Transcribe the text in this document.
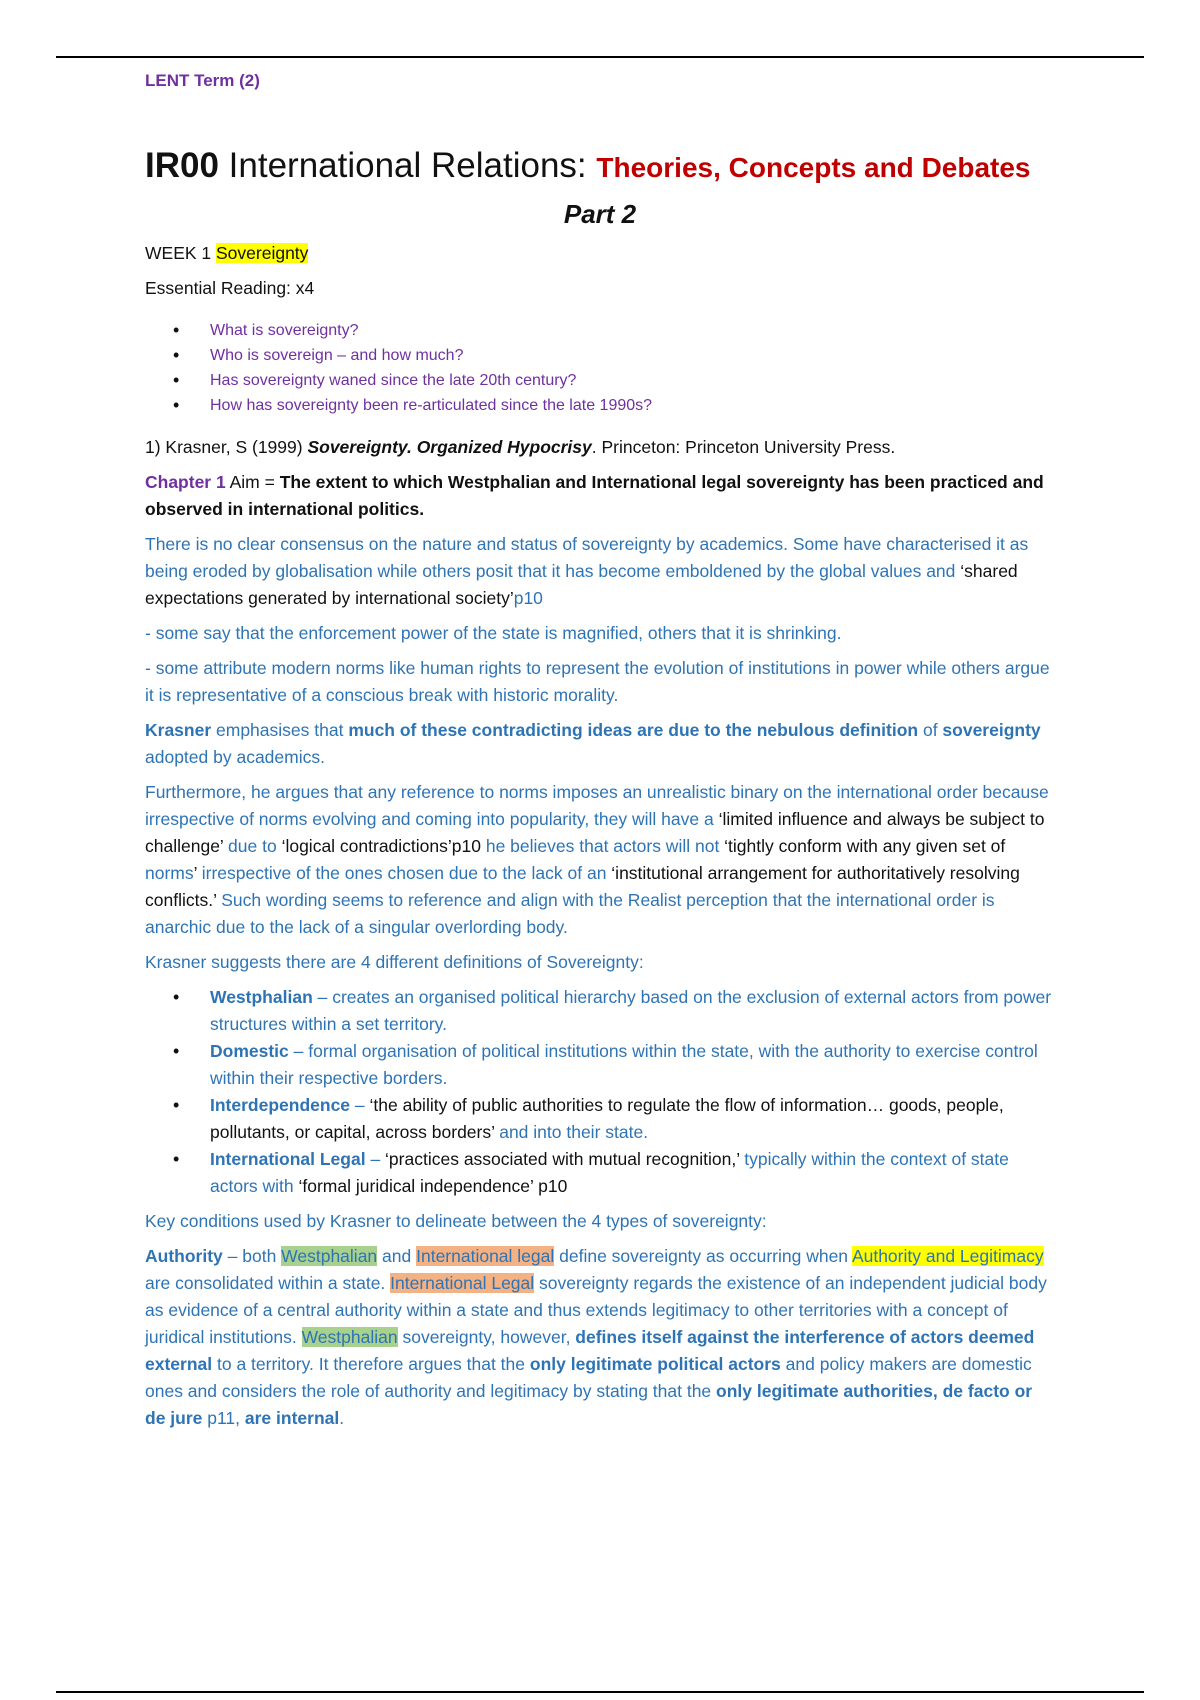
LENT Term (2)
IR00 International Relations: Theories, Concepts and Debates
Part 2
WEEK 1 Sovereignty
Essential Reading: x4
• What is sovereignty?
• Who is sovereign – and how much?
• Has sovereignty waned since the late 20th century?
• How has sovereignty been re-articulated since the late 1990s?

1) Krasner, S (1999) Sovereignty. Organized Hypocrisy. Princeton: Princeton University Press.

Chapter 1 Aim = The extent to which Westphalian and International legal sovereignty has been practiced and observed in international politics.

There is no clear consensus on the nature and status of sovereignty by academics. Some have characterised it as being eroded by globalisation while others posit that it has become emboldened by the global values and ‘shared expectations generated by international society’p10

- some say that the enforcement power of the state is magnified, others that it is shrinking.

- some attribute modern norms like human rights to represent the evolution of institutions in power while others argue it is representative of a conscious break with historic morality.

Krasner emphasises that much of these contradicting ideas are due to the nebulous definition of sovereignty adopted by academics.

Furthermore, he argues that any reference to norms imposes an unrealistic binary on the international order because irrespective of norms evolving and coming into popularity, they will have a ‘limited influence and always be subject to challenge’ due to ‘logical contradictions’p10 he believes that actors will not ‘tightly conform with any given set of norms’ irrespective of the ones chosen due to the lack of an ‘institutional arrangement for authoritatively resolving conflicts.’ Such wording seems to reference and align with the Realist perception that the international order is anarchic due to the lack of a singular overlording body.

Krasner suggests there are 4 different definitions of Sovereignty:

• Westphalian – creates an organised political hierarchy based on the exclusion of external actors from power structures within a set territory.
• Domestic – formal organisation of political institutions within the state, with the authority to exercise control within their respective borders.
• Interdependence – ‘the ability of public authorities to regulate the flow of information… goods, people, pollutants, or capital, across borders’ and into their state.
• International Legal – ‘practices associated with mutual recognition,’ typically within the context of state actors with ‘formal juridical independence’ p10

Key conditions used by Krasner to delineate between the 4 types of sovereignty:

Authority – both Westphalian and International legal define sovereignty as occurring when Authority and Legitimacy are consolidated within a state. International Legal sovereignty regards the existence of an independent judicial body as evidence of a central authority within a state and thus extends legitimacy to other territories with a concept of juridical institutions. Westphalian sovereignty, however, defines itself against the interference of actors deemed external to a territory. It therefore argues that the only legitimate political actors and policy makers are domestic ones and considers the role of authority and legitimacy by stating that the only legitimate authorities, de facto or de jure p11, are internal.
